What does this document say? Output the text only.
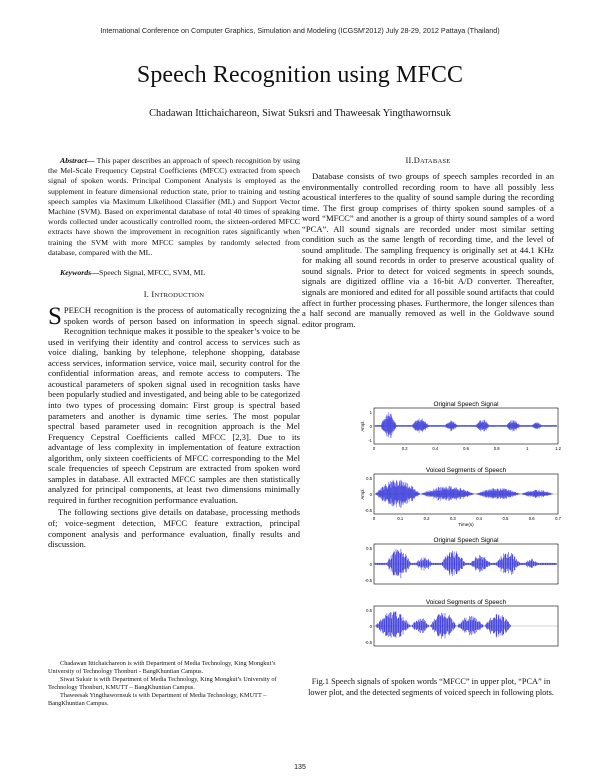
International Conference on Computer Graphics, Simulation and Modeling (ICGSM'2012) July 28-29, 2012 Pattaya (Thailand)
Speech Recognition using MFCC
Chadawan Ittichaichareon, Siwat Suksri and Thaweesak Yingthawornsuk

Abstract— This paper describes an approach of speech recognition by using the Mel-Scale Frequency Cepstral Coefficients (MFCC) extracted from speech signal of spoken words. Principal Component Analysis is employed as the supplement in feature dimensional reduction state, prior to training and testing speech samples via Maximum Likelihood Classifier (ML) and Support Vector Machine (SVM). Based on experimental database of total 40 times of speaking words collected under acoustically controlled room, the sixteen-ordered MFCC extracts have shown the improvement in recognition rates significantly when training the SVM with more MFCC samples by randomly selected from database, compared with the ML.

Keywords—Speech Signal, MFCC, SVM, ML

I. INTRODUCTION

SPEECH recognition is the process of automatically recognizing the spoken words of person based on information in speech signal. Recognition technique makes it possible to the speaker’s voice to be used in verifying their identity and control access to services such as voice dialing, banking by telephone, telephone shopping, database access services, information service, voice mail, security control for the confidential information areas, and remote access to computers. The acoustical parameters of spoken signal used in recognition tasks have been popularly studied and investigated, and being able to be categorized into two types of processing domain: First group is spectral based parameters and another is dynamic time series. The most popular spectral based parameter used in recognition approach is the Mel Frequency Cepstral Coefficients called MFCC [2,3]. Due to its advantage of less complexity in implementation of feature extraction algorithm, only sixteen coefficients of MFCC corresponding to the Mel scale frequencies of speech Cepstrum are extracted from spoken word samples in database. All extracted MFCC samples are then statistically analyzed for principal components, at least two dimensions minimally required in further recognition performance evaluation.

The following sections give details on database, processing methods of; voice-segment detection, MFCC feature extraction, principal component analysis and performance evaluation, finally results and discussion.

Chadawan Ittichaichareon is with Department of Media Technology, King Mongkut’s University of Technology Thonburi - BangKhuntian Campus.

Siwat Suksir is with Department of Media Technology, King Mongkut’s University of Technology Thonburi, KMUTT – BangKhuntian Campus.

Thaweesak Yingthawornsuk is with Department of Media Technology, KMUTT – BangKhuntian Campus.

II.DATABASE

Database consists of two groups of speech samples recorded in an environmentally controlled recording room to have all possibly less acoustical interferes to the quality of sound sample during the recording time. The first group comprises of thirty spoken sound samples of a word “MFCC” and another is a group of thirty sound samples of a word “PCA”. All sound signals are recorded under most similar setting condition such as the same length of recording time, and the level of sound amplitude. The sampling frequency is originally set at 44.1 KHz for making all sound records in order to preserve acoustical quality of sound signals. Prior to detect for voiced segments in speech sounds, signals are digitized offline via a 16-bit A/D converter. Thereafter, signals are moniored and edited for all possible sound artifacts that could affect in further processing phases. Furthermore, the longer silences than a half second are manually removed as well in the Goldwave sound editor program.

Original Speech Signal
1
0
-1
0	0.2	0.4	0.6	0.8	1	1.2
Ampl.
Voiced Segments of Speech
0.5
0
-0.5
0	0.1	0.2	0.3	0.4	0.5	0.6	0.7
Time(s)
Ampl.
Original Speech Signal
0.5
0
-0.5
Voiced Segments of Speech
0.5
0
-0.5
Fig.1 Speech signals of spoken words “MFCC” in upper plot, “PCA” in lower plot, and the detected segments of voiced speech in following plots.
135
